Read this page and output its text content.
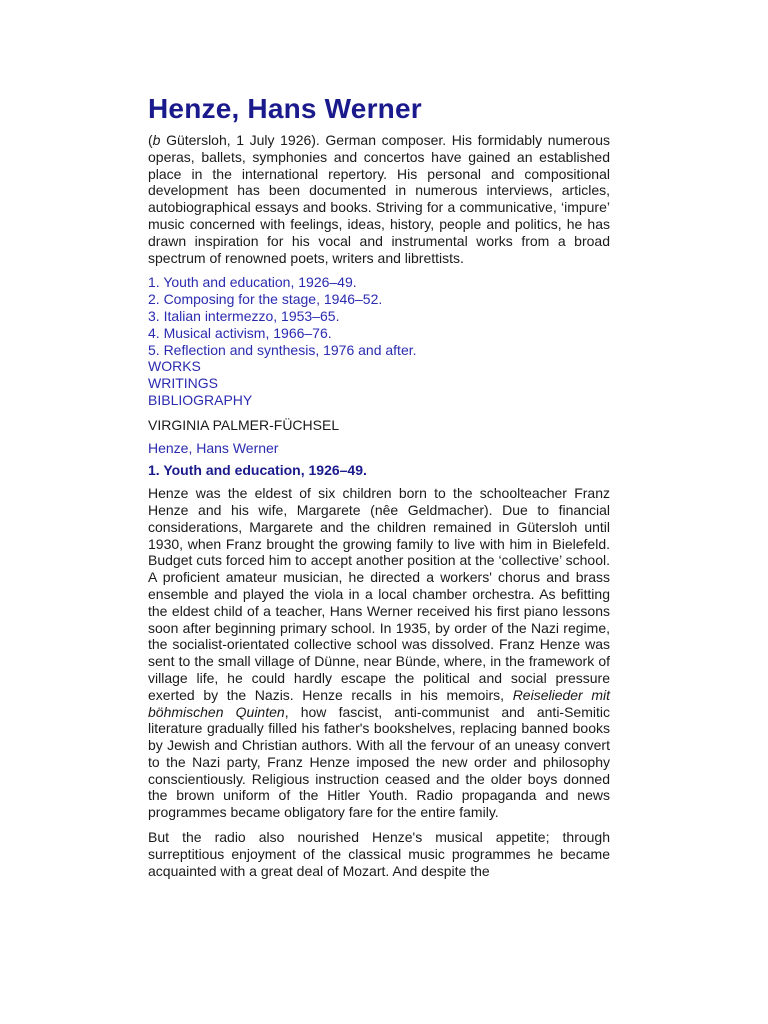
Henze, Hans Werner

(b Gütersloh, 1 July 1926). German composer. His formidably numerous operas, ballets, symphonies and concertos have gained an established place in the international repertory. His personal and compositional development has been documented in numerous interviews, articles, autobiographical essays and books. Striving for a communicative, ‘impure’ music concerned with feelings, ideas, history, people and politics, he has drawn inspiration for his vocal and instrumental works from a broad spectrum of renowned poets, writers and librettists.

1. Youth and education, 1926–49.
2. Composing for the stage, 1946–52.
3. Italian intermezzo, 1953–65.
4. Musical activism, 1966–76.
5. Reflection and synthesis, 1976 and after.
WORKS
WRITINGS
BIBLIOGRAPHY
VIRGINIA PALMER-FÜCHSEL
Henze, Hans Werner
1. Youth and education, 1926–49.

Henze was the eldest of six children born to the schoolteacher Franz Henze and his wife, Margarete (nêe Geldmacher). Due to financial considerations, Margarete and the children remained in Gütersloh until 1930, when Franz brought the growing family to live with him in Bielefeld. Budget cuts forced him to accept another position at the ‘collective’ school. A proficient amateur musician, he directed a workers' chorus and brass ensemble and played the viola in a local chamber orchestra. As befitting the eldest child of a teacher, Hans Werner received his first piano lessons soon after beginning primary school. In 1935, by order of the Nazi regime, the socialist-orientated collective school was dissolved. Franz Henze was sent to the small village of Dünne, near Bünde, where, in the framework of village life, he could hardly escape the political and social pressure exerted by the Nazis. Henze recalls in his memoirs, Reiselieder mit böhmischen Quinten, how fascist, anti-communist and anti-Semitic literature gradually filled his father's bookshelves, replacing banned books by Jewish and Christian authors. With all the fervour of an uneasy convert to the Nazi party, Franz Henze imposed the new order and philosophy conscientiously. Religious instruction ceased and the older boys donned the brown uniform of the Hitler Youth. Radio propaganda and news programmes became obligatory fare for the entire family.

But the radio also nourished Henze's musical appetite; through surreptitious enjoyment of the classical music programmes he became acquainted with a great deal of Mozart. And despite the
